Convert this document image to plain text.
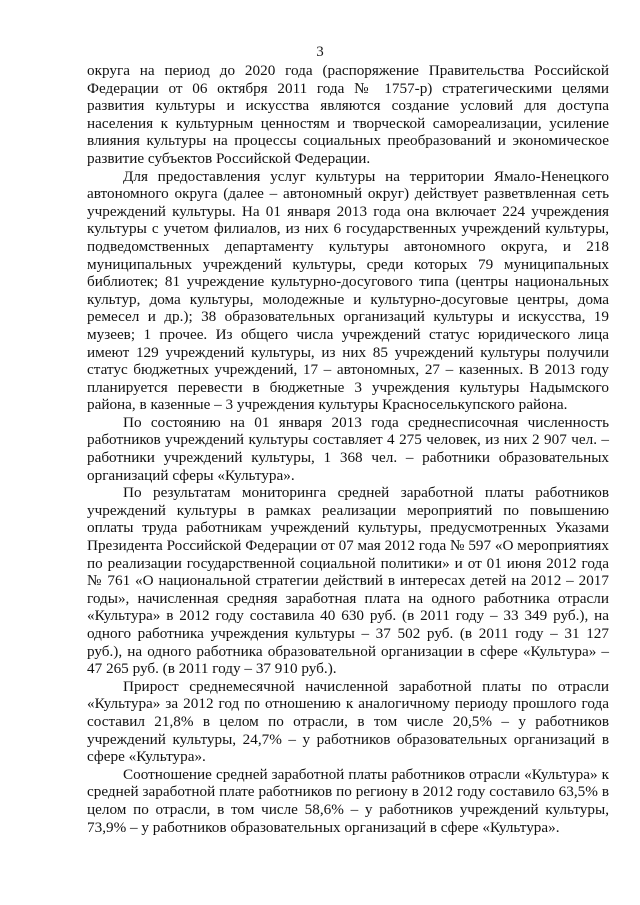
3

округа на период до 2020 года (распоряжение Правительства Российской Федерации от 06 октября 2011 года № 1757-р) стратегическими целями развития культуры и искусства являются создание условий для доступа населения к культурным ценностям и творческой самореализации, усиление влияния культуры на процессы социальных преобразований и экономическое развитие субъектов Российской Федерации.

Для предоставления услуг культуры на территории Ямало-Ненецкого автономного округа (далее – автономный округ) действует разветвленная сеть учреждений культуры. На 01 января 2013 года она включает 224 учреждения культуры с учетом филиалов, из них 6 государственных учреждений культуры, подведомственных департаменту культуры автономного округа, и 218 муниципальных учреждений культуры, среди которых 79 муниципальных библиотек; 81 учреждение культурно-досугового типа (центры национальных культур, дома культуры, молодежные и культурно-досуговые центры, дома ремесел и др.); 38 образовательных организаций культуры и искусства, 19 музеев; 1 прочее. Из общего числа учреждений статус юридического лица имеют 129 учреждений культуры, из них 85 учреждений культуры получили статус бюджетных учреждений, 17 – автономных, 27 – казенных. В 2013 году планируется перевести в бюджетные 3 учреждения культуры Надымского района, в казенные – 3 учреждения культуры Красноселькупского района.

По состоянию на 01 января 2013 года среднесписочная численность работников учреждений культуры составляет 4 275 человек, из них 2 907 чел. – работники учреждений культуры, 1 368 чел. – работники образовательных организаций сферы «Культура».

По результатам мониторинга средней заработной платы работников учреждений культуры в рамках реализации мероприятий по повышению оплаты труда работникам учреждений культуры, предусмотренных Указами Президента Российской Федерации от 07 мая 2012 года № 597 «О мероприятиях по реализации государственной социальной политики» и от 01 июня 2012 года № 761 «О национальной стратегии действий в интересах детей на 2012 – 2017 годы», начисленная средняя заработная плата на одного работника отрасли «Культура» в 2012 году составила 40 630 руб. (в 2011 году – 33 349 руб.), на одного работника учреждения культуры – 37 502 руб. (в 2011 году – 31 127 руб.), на одного работника образовательной организации в сфере «Культура» – 47 265 руб. (в 2011 году – 37 910 руб.).

Прирост среднемесячной начисленной заработной платы по отрасли «Культура» за 2012 год по отношению к аналогичному периоду прошлого года составил 21,8% в целом по отрасли, в том числе 20,5% – у работников учреждений культуры, 24,7% – у работников образовательных организаций в сфере «Культура».

Соотношение средней заработной платы работников отрасли «Культура» к средней заработной плате работников по региону в 2012 году составило 63,5% в целом по отрасли, в том числе 58,6% – у работников учреждений культуры, 73,9% – у работников образовательных организаций в сфере «Культура».
